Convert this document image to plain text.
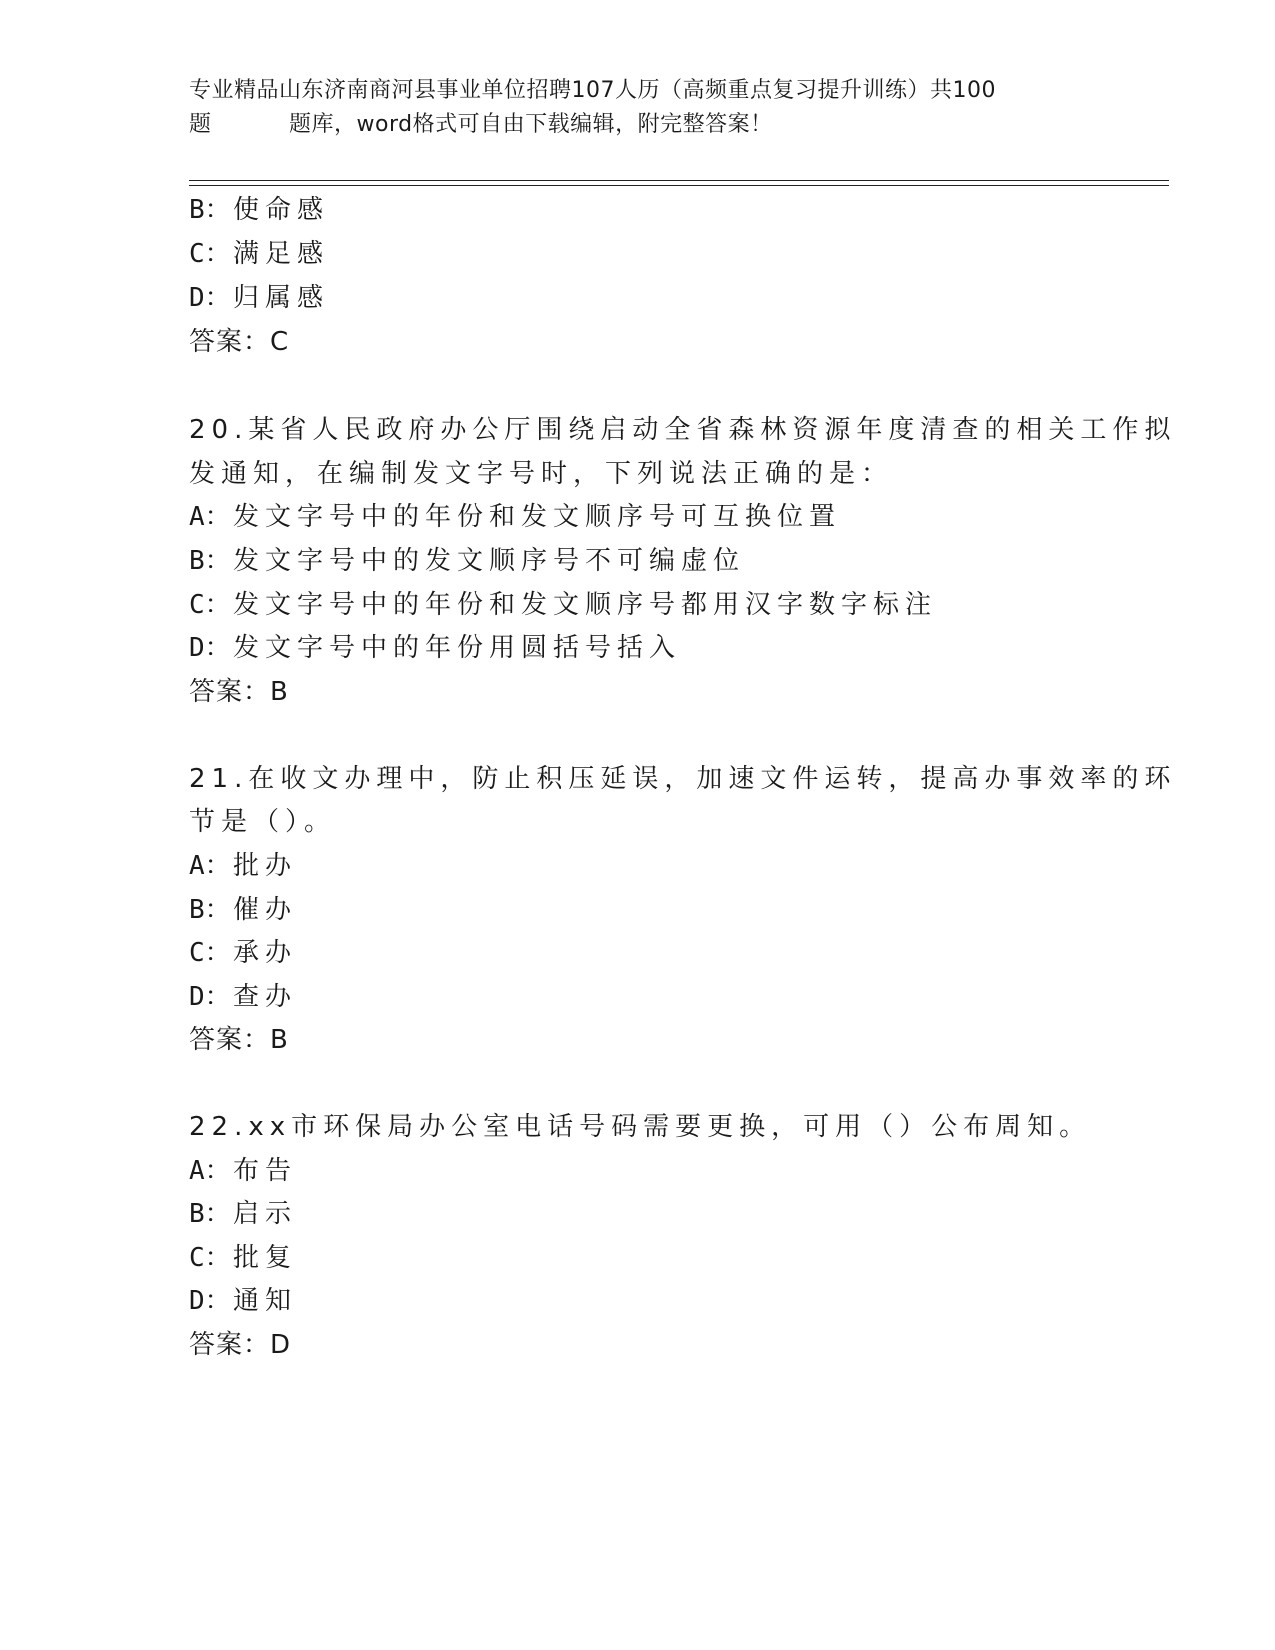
专业精品山东济南商河县事业单位招聘107人历（高频重点复习提升训练）共100

题	题库，word格式可自由下载编辑，附完整答案！
B：使命感
C：满足感
D：归属感
答案：C
20.某省人民政府办公厅围绕启动全省森林资源年度清查的相关工作拟
发通知，在编制发文字号时，下列说法正确的是：
A：发文字号中的年份和发文顺序号可互换位置
B：发文字号中的发文顺序号不可编虚位
C：发文字号中的年份和发文顺序号都用汉字数字标注
D：发文字号中的年份用圆括号括入
答案：B
21.在收文办理中，防止积压延误，加速文件运转，提高办事效率的环
节是（）。
A：批办
B：催办
C：承办
D：查办
答案：B
22.xx市环保局办公室电话号码需要更换，可用（）公布周知。
A：布告
B：启示
C：批复
D：通知
答案：D
